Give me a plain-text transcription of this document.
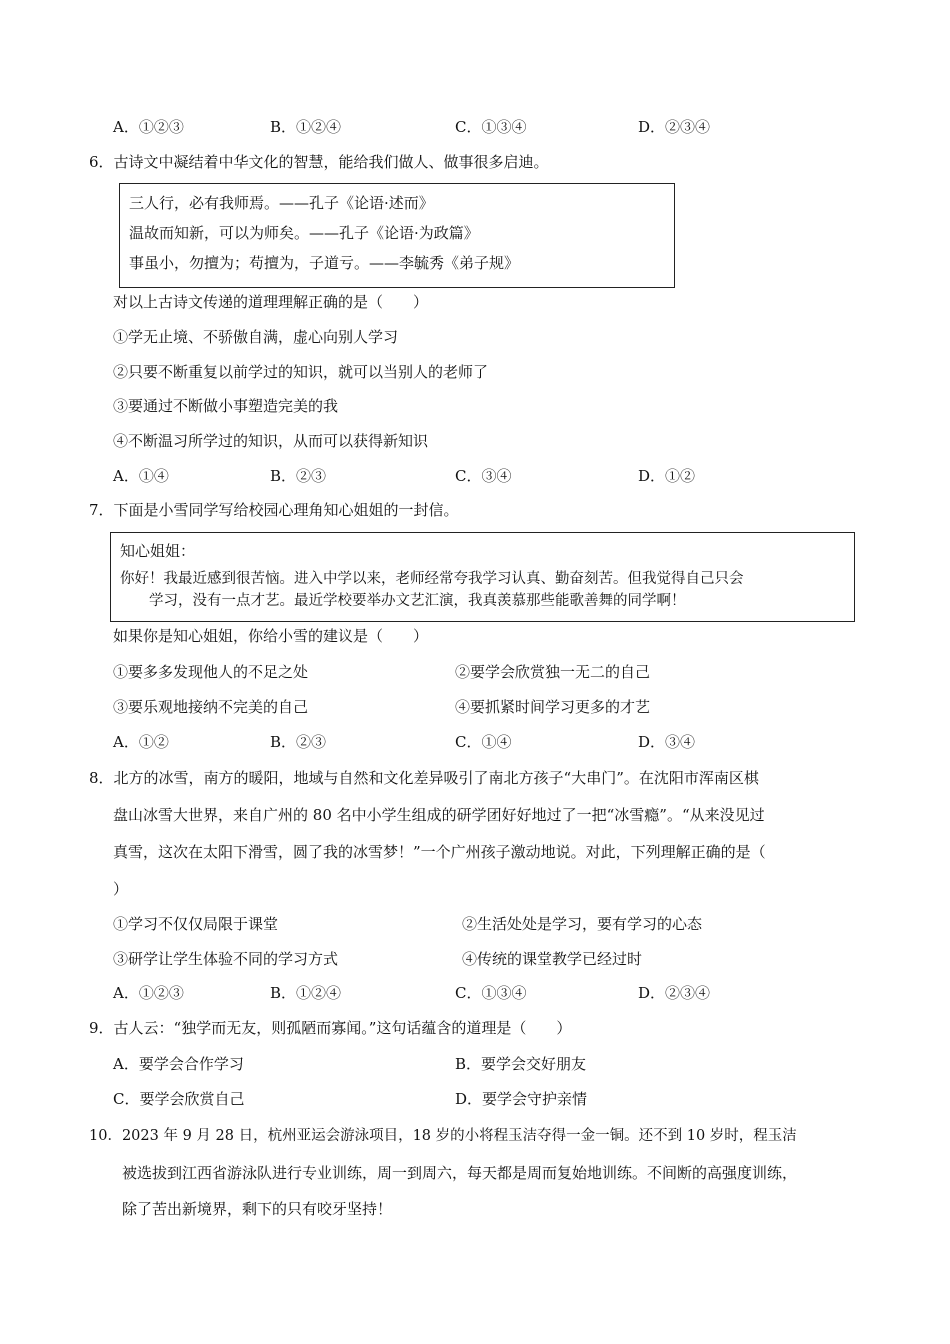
A．①②③	B．①②④	C．①③④	D．②③④
6．古诗文中凝结着中华文化的智慧，能给我们做人、做事很多启迪。
三人行，必有我师焉。——孔子《论语·述而》
温故而知新，可以为师矣。——孔子《论语·为政篇》
事虽小，勿擅为；苟擅为，子道亏。——李毓秀《弟子规》
对以上古诗文传递的道理理解正确的是（　　）
①学无止境、不骄傲自满，虚心向别人学习
②只要不断重复以前学过的知识，就可以当别人的老师了
③要通过不断做小事塑造完美的我
④不断温习所学过的知识，从而可以获得新知识
A．①④	B．②③	C．③④	D．①②
7．下面是小雪同学写给校园心理角知心姐姐的一封信。
知心姐姐：
你好！我最近感到很苦恼。进入中学以来，老师经常夸我学习认真、勤奋刻苦。但我觉得自己只会
学习，没有一点才艺。最近学校要举办文艺汇演，我真羡慕那些能歌善舞的同学啊！
如果你是知心姐姐，你给小雪的建议是（　　）
①要多多发现他人的不足之处	②要学会欣赏独一无二的自己
③要乐观地接纳不完美的自己	④要抓紧时间学习更多的才艺
A．①②	B．②③	C．①④	D．③④
8．北方的冰雪，南方的暖阳，地域与自然和文化差异吸引了南北方孩子“大串门”。在沈阳市浑南区棋
盘山冰雪大世界，来自广州的 80 名中小学生组成的研学团好好地过了一把“冰雪瘾”。“从来没见过
真雪，这次在太阳下滑雪，圆了我的冰雪梦！”一个广州孩子激动地说。对此，下列理解正确的是（
）
①学习不仅仅局限于课堂	②生活处处是学习，要有学习的心态
③研学让学生体验不同的学习方式	④传统的课堂教学已经过时
A．①②③	B．①②④	C．①③④	D．②③④
9．古人云：“独学而无友，则孤陋而寡闻。”这句话蕴含的道理是（　　）
A．要学会合作学习	B．要学会交好朋友
C．要学会欣赏自己	D．要学会守护亲情
10．2023 年 9 月 28 日，杭州亚运会游泳项目，18 岁的小将程玉洁夺得一金一铜。还不到 10 岁时，程玉洁
被选拔到江西省游泳队进行专业训练，周一到周六，每天都是周而复始地训练。不间断的高强度训练，
除了苦出新境界，剩下的只有咬牙坚持！
